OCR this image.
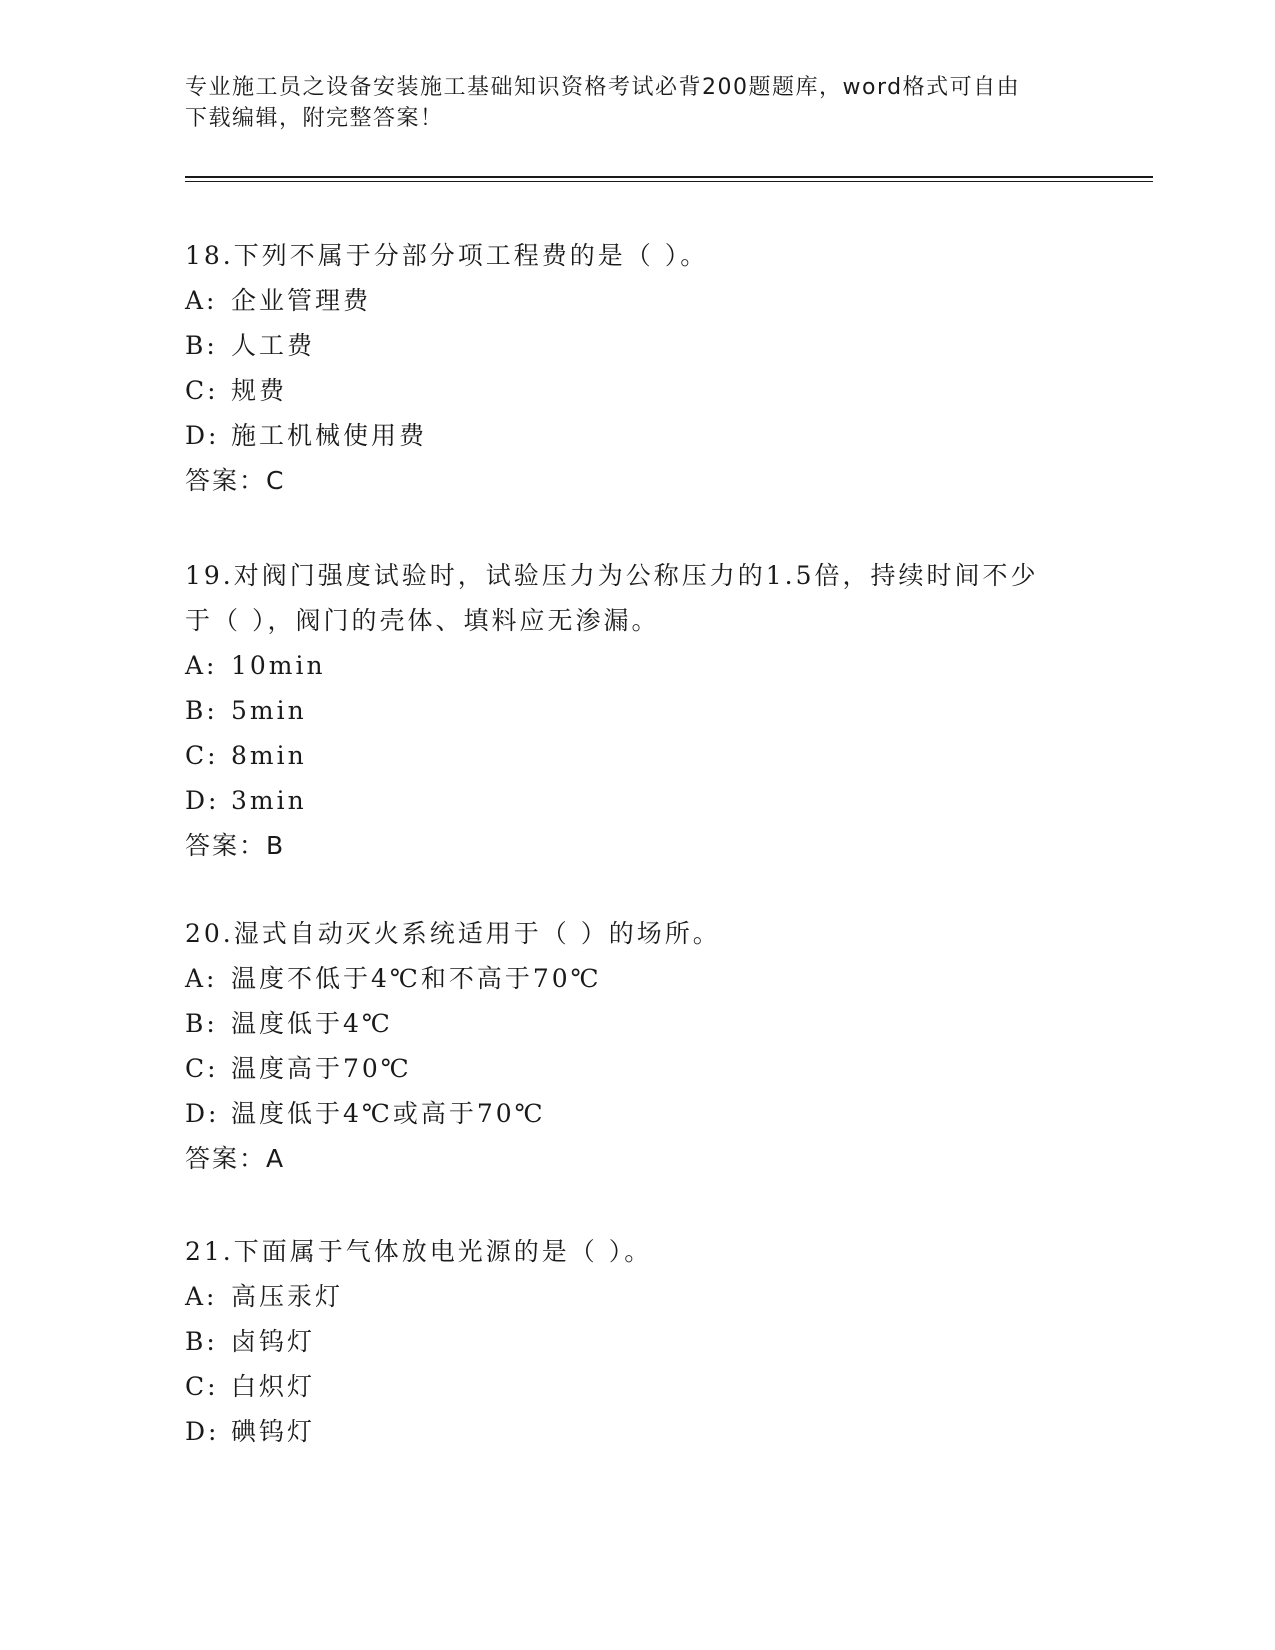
专业施工员之设备安装施工基础知识资格考试必背200题题库，word格式可自由
下载编辑，附完整答案！
18.下列不属于分部分项工程费的是（ ）。
A: 企业管理费
B: 人工费
C: 规费
D: 施工机械使用费
答案：C
19.对阀门强度试验时，试验压力为公称压力的1.5倍，持续时间不少
于（ ），阀门的壳体、填料应无渗漏。
A: 10min
B: 5min
C: 8min
D: 3min
答案：B
20.湿式自动灭火系统适用于（ ）的场所。
A: 温度不低于4℃和不高于70℃
B: 温度低于4℃
C: 温度高于70℃
D: 温度低于4℃或高于70℃
答案：A
21.下面属于气体放电光源的是（ ）。
A: 高压汞灯
B: 卤钨灯
C: 白炽灯
D: 碘钨灯
